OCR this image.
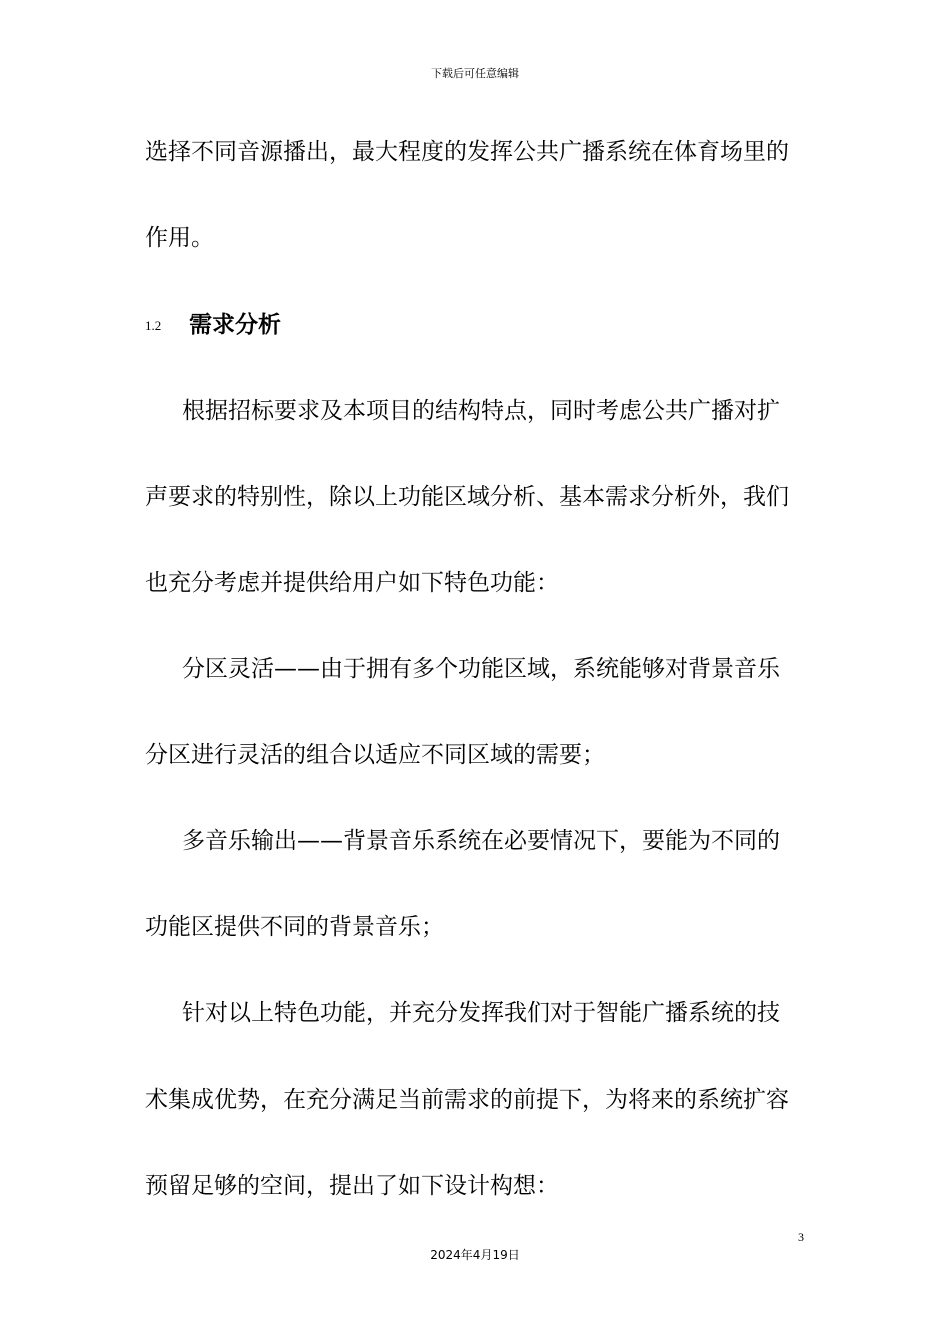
下载后可任意编辑
选择不同音源播出，最大程度的发挥公共广播系统在体育场里的
作用。
1.2 需求分析
根据招标要求及本项目的结构特点，同时考虑公共广播对扩
声要求的特别性，除以上功能区域分析、基本需求分析外，我们
也充分考虑并提供给用户如下特色功能：
分区灵活——由于拥有多个功能区域，系统能够对背景音乐
分区进行灵活的组合以适应不同区域的需要；
多音乐输出——背景音乐系统在必要情况下，要能为不同的
功能区提供不同的背景音乐；
针对以上特色功能，并充分发挥我们对于智能广播系统的技
术集成优势，在充分满足当前需求的前提下，为将来的系统扩容
预留足够的空间，提出了如下设计构想：
3
2024年4月19日
